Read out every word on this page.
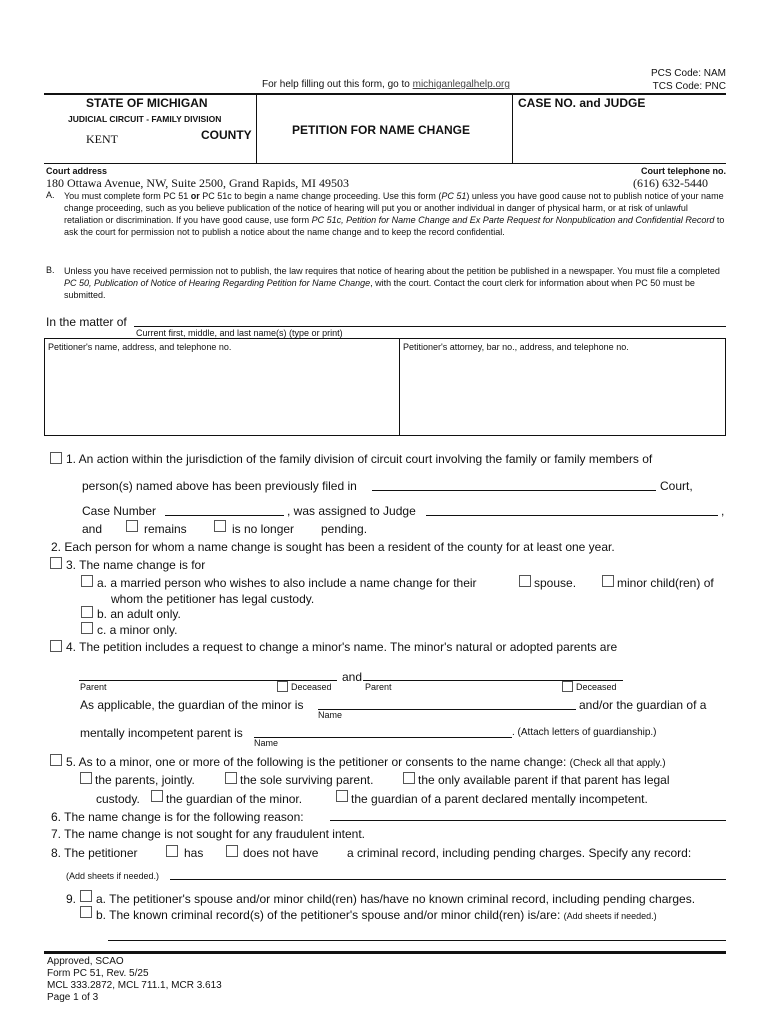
PCS Code: NAM
TCS Code: PNC
For help filling out this form, go to michiganlegalhelp.org
STATE OF MICHIGAN
JUDICIAL CIRCUIT - FAMILY DIVISION
KENT	COUNTY	PETITION FOR NAME CHANGE
CASE NO. and JUDGE
Court address
180 Ottawa Avenue, NW, Suite 2500, Grand Rapids, MI 49503
Court telephone no.
(616) 632-5440
A. You must complete form PC 51 or PC 51c to begin a name change proceeding. Use this form (PC 51) unless you have good cause not to publish notice of your name change proceeding, such as you believe publication of the notice of hearing will put you or another individual in danger of physical harm, or at risk of unlawful retaliation or discrimination. If you have good cause, use form PC 51c, Petition for Name Change and Ex Parte Request for Nonpublication and Confidential Record to ask the court for permission not to publish a notice about the name change and to keep the record confidential.
B. Unless you have received permission not to publish, the law requires that notice of hearing about the petition be published in a newspaper. You must file a completed PC 50, Publication of Notice of Hearing Regarding Petition for Name Change, with the court. Contact the court clerk for information about when PC 50 must be submitted.
In the matter of
Current first, middle, and last name(s) (type or print)
Petitioner's name, address, and telephone no.	Petitioner's attorney, bar no., address, and telephone no.
1. An action within the jurisdiction of the family division of circuit court involving the family or family members of
person(s) named above has been previously filed in	Court,
Case Number	, was assigned to Judge	,
and	remains	is no longer pending.
2. Each person for whom a name change is sought has been a resident of the county for at least one year.
3. The name change is for
a. a married person who wishes to also include a name change for their	spouse.	minor child(ren) of
whom the petitioner has legal custody.
b. an adult only.
c. a minor only.
4. The petition includes a request to change a minor's name. The minor's natural or adopted parents are
and
Parent	Deceased	Parent	Deceased
As applicable, the guardian of the minor is
Name
and/or the guardian of a
mentally incompetent parent is
Name
. (Attach letters of guardianship.)
5. As to a minor, one or more of the following is the petitioner or consents to the name change: (Check all that apply.)
the parents, jointly.	the sole surviving parent.	the only available parent if that parent has legal
custody. the guardian of the minor.	the guardian of a parent declared mentally incompetent.
6. The name change is for the following reason:
7. The name change is not sought for any fraudulent intent.
8. The petitioner	has	does not have a criminal record, including pending charges. Specify any record:
(Add sheets if needed.)
9. a. The petitioner's spouse and/or minor child(ren) has/have no known criminal record, including pending charges.
b. The known criminal record(s) of the petitioner's spouse and/or minor child(ren) is/are: (Add sheets if needed.)
Approved, SCAO
Form PC 51, Rev. 5/25
MCL 333.2872, MCL 711.1, MCR 3.613
Page 1 of 3
